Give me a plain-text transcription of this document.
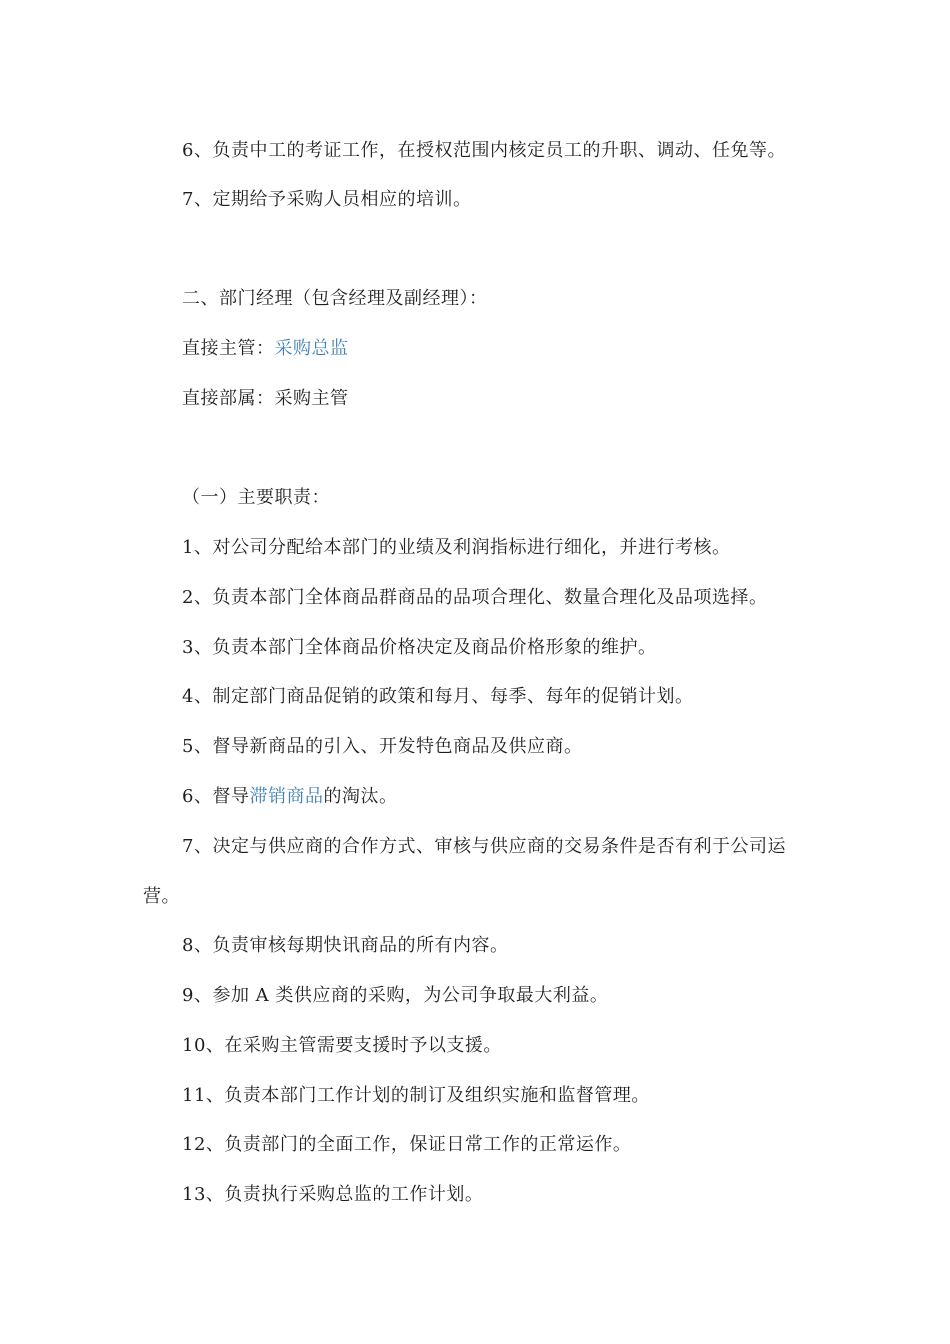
6、负责中工的考证工作，在授权范围内核定员工的升职、调动、任免等。
7、定期给予采购人员相应的培训。
二、部门经理（包含经理及副经理）：
直接主管：采购总监
直接部属：采购主管
（一）主要职责：
1、对公司分配给本部门的业绩及利润指标进行细化，并进行考核。
2、负责本部门全体商品群商品的品项合理化、数量合理化及品项选择。
3、负责本部门全体商品价格决定及商品价格形象的维护。
4、制定部门商品促销的政策和每月、每季、每年的促销计划。
5、督导新商品的引入、开发特色商品及供应商。
6、督导滞销商品的淘汰。
7、决定与供应商的合作方式、审核与供应商的交易条件是否有利于公司运
营。
8、负责审核每期快讯商品的所有内容。
9、参加 A 类供应商的采购，为公司争取最大利益。
10、在采购主管需要支援时予以支援。
11、负责本部门工作计划的制订及组织实施和监督管理。
12、负责部门的全面工作，保证日常工作的正常运作。
13、负责执行采购总监的工作计划。
